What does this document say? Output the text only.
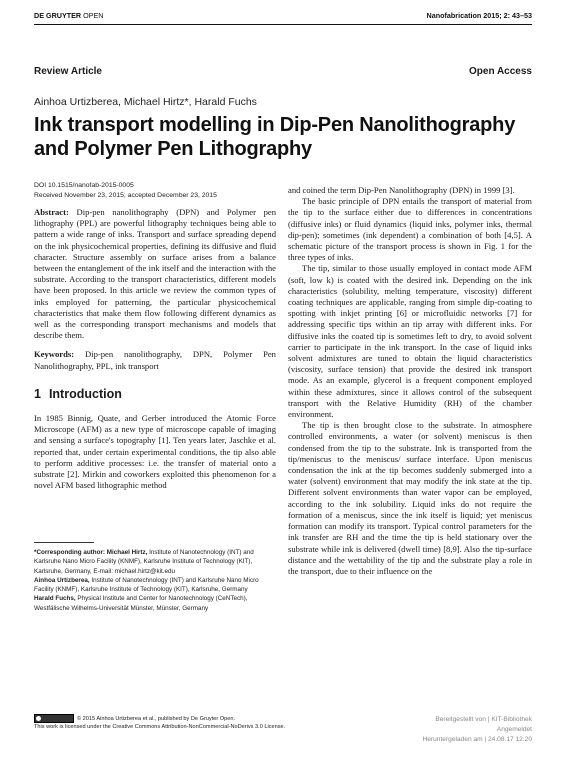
DE GRUYTER OPEN	Nanofabrication 2015; 2: 43–53
Review Article	Open Access
Ainhoa Urtizberea, Michael Hirtz*, Harald Fuchs
Ink transport modelling in Dip-Pen Nanolithography and Polymer Pen Lithography
DOI 10.1515/nanofab-2015-0005
Received November 23, 2015; accepted December 23, 2015

Abstract: Dip-pen nanolithography (DPN) and Polymer pen lithography (PPL) are powerful lithography techniques being able to pattern a wide range of inks. Transport and surface spreading depend on the ink physicochemical properties, defining its diffusive and fluid character. Structure assembly on surface arises from a balance between the entanglement of the ink itself and the interaction with the substrate. According to the transport characteristics, different models have been proposed. In this article we review the common types of inks employed for patterning, the particular physicochemical characteristics that make them flow following different dynamics as well as the corresponding transport mechanisms and models that describe them.

Keywords: Dip-pen nanolithography, DPN, Polymer Pen Nanolithography, PPL, ink transport

1 Introduction

In 1985 Binnig, Quate, and Gerber introduced the Atomic Force Microscope (AFM) as a new type of microscope capable of imaging and sensing a surface's topography [1]. Ten years later, Jaschke et al. reported that, under certain experimental conditions, the tip also able to perform additive processes: i.e. the transfer of material onto a substrate [2]. Mirkin and coworkers exploited this phenomenon for a novel AFM based lithographic method

and coined the term Dip-Pen Nanolithography (DPN) in 1999 [3].

The basic principle of DPN entails the transport of material from the tip to the surface either due to differences in concentrations (diffusive inks) or fluid dynamics (liquid inks, polymer inks, thermal dip-pen); sometimes (ink dependent) a combination of both [4,5]. A schematic picture of the transport process is shown in Fig. 1 for the three types of inks.

The tip, similar to those usually employed in contact mode AFM (soft, low k) is coated with the desired ink. Depending on the ink characteristics (solubility, melting temperature, viscosity) different coating techniques are applicable, ranging from simple dip-coating to spotting with inkjet printing [6] or microfluidic networks [7] for addressing specific tips within an tip array with different inks. For diffusive inks the coated tip is sometimes left to dry, to avoid solvent carrier to participate in the ink transport. In the case of liquid inks solvent admixtures are tuned to obtain the liquid characteristics (viscosity, surface tension) that provide the desired ink transport mode. As an example, glycerol is a frequent component employed within these admixtures, since it allows control of the subsequent transport with the Relative Humidity (RH) of the chamber environment.

The tip is then brought close to the substrate. In atmosphere controlled environments, a water (or solvent) meniscus is then condensed from the tip to the substrate. Ink is transported from the tip/meniscus to the meniscus/ surface interface. Upon meniscus condensation the ink at the tip becomes suddenly submerged into a water (solvent) environment that may modify the ink state at the tip. Different solvent environments than water vapor can be employed, according to the ink solubility. Liquid inks do not require the formation of a meniscus, since the ink itself is liquid; yet meniscus formation can modify its transport. Typical control parameters for the ink transfer are RH and the time the tip is held stationary over the substrate while ink is delivered (dwell time) [8,9]. Also the tip-surface distance and the wettability of the tip and the substrate play a role in the transport, due to their influence on the

*Corresponding author: Michael Hirtz, Institute of Nanotechnology (INT) and Karlsruhe Nano Micro Facility (KNMF), Karlsruhe Institute of Technology (KIT), Karlsruhe, Germany, E-mail: michael.hirtz@kit.edu
Ainhoa Urtizberea, Institute of Nanotechnology (INT) and Karlsruhe Nano Micro Facility (KNMF), Karlsruhe Institute of Technology (KIT), Karlsruhe, Germany
Harald Fuchs, Physical Institute and Center for Nanotechnology (CeNTech), Westfälische Wilhelms-Universität Münster, Münster, Germany
© 2015 Ainhoa Urtizberea et al., published by De Gruyter Open.
This work is licensed under the Creative Commons Attribution-NonCommercial-NoDerivs 3.0 License.
Bereitgestellt von | KIT-Bibliothek
Angemeldet
Heruntergeladen am | 24.08.17 12:20
